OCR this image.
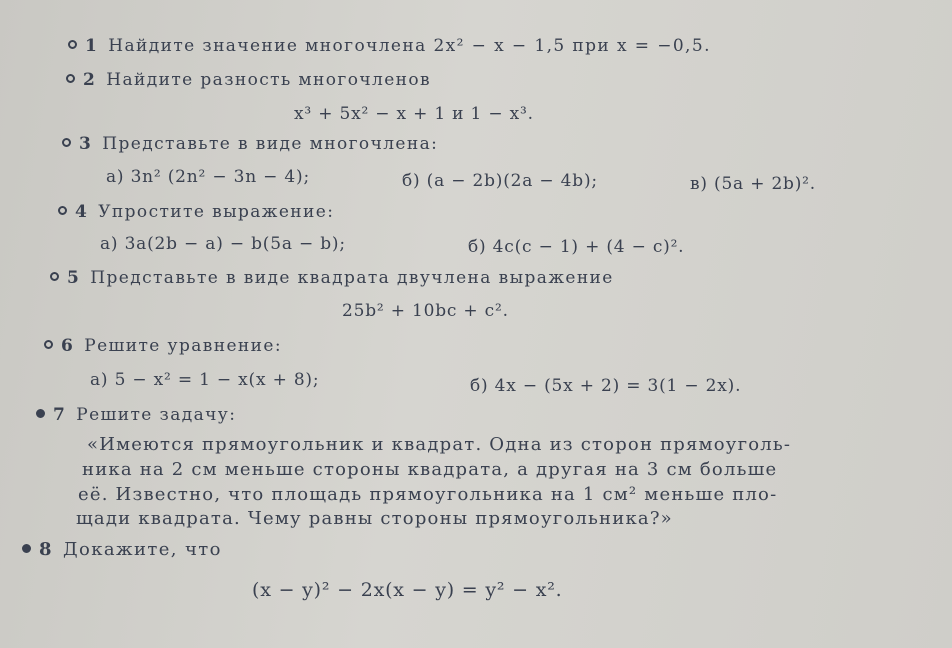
1 Найдите значение многочлена 2x² − x − 1,5 при x = −0,5.
2 Найдите разность многочленов
x³ + 5x² − x + 1 и 1 − x³.
3 Представьте в виде многочлена:
а) 3n² (2n² − 3n − 4);	б) (a − 2b)(2a − 4b);	в) (5a + 2b)².
4 Упростите выражение:
а) 3a(2b − a) − b(5a − b);	б) 4c(c − 1) + (4 − c)².
5 Представьте в виде квадрата двучлена выражение
25b² + 10bc + c².
6 Решите уравнение:
а) 5 − x² = 1 − x(x + 8);	б) 4x − (5x + 2) = 3(1 − 2x).
7 Решите задачу:
«Имеются прямоугольник и квадрат. Одна из сторон прямоуголь-
ника на 2 см меньше стороны квадрата, а другая на 3 см больше
её. Известно, что площадь прямоугольника на 1 см² меньше пло-
щади квадрата. Чему равны стороны прямоугольника?»
8 Докажите, что
(x − y)² − 2x(x − y) = y² − x².
